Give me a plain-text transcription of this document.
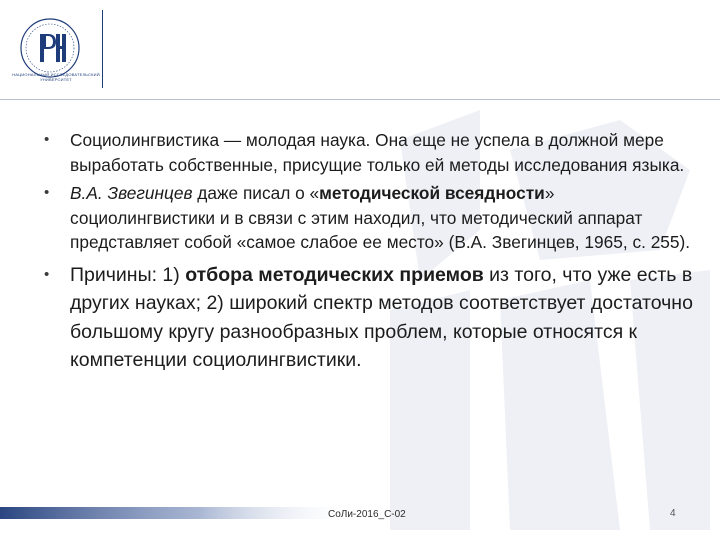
НАЦИОНАЛЬНЫЙ ИССЛЕДОВАТЕЛЬСКИЙ УНИВЕРСИТЕТ
• Социолингвистика — молодая наука. Она еще не успела в должной мере выработать собственные, присущие только ей методы исследования языка.
• В.А. Звегинцев даже писал о «методической всеядности» социолингвистики и в связи с этим находил, что методический аппарат представляет собой «самое слабое ее место» (В.А. Звегинцев, 1965, с. 255).
• Причины: 1) отбора методических приемов из того, что уже есть в других науках; 2) широкий спектр методов соответствует достаточно большому кругу разнообразных проблем, которые относятся к компетенции социолингвистики.
СоЛи-2016_С-02	4
